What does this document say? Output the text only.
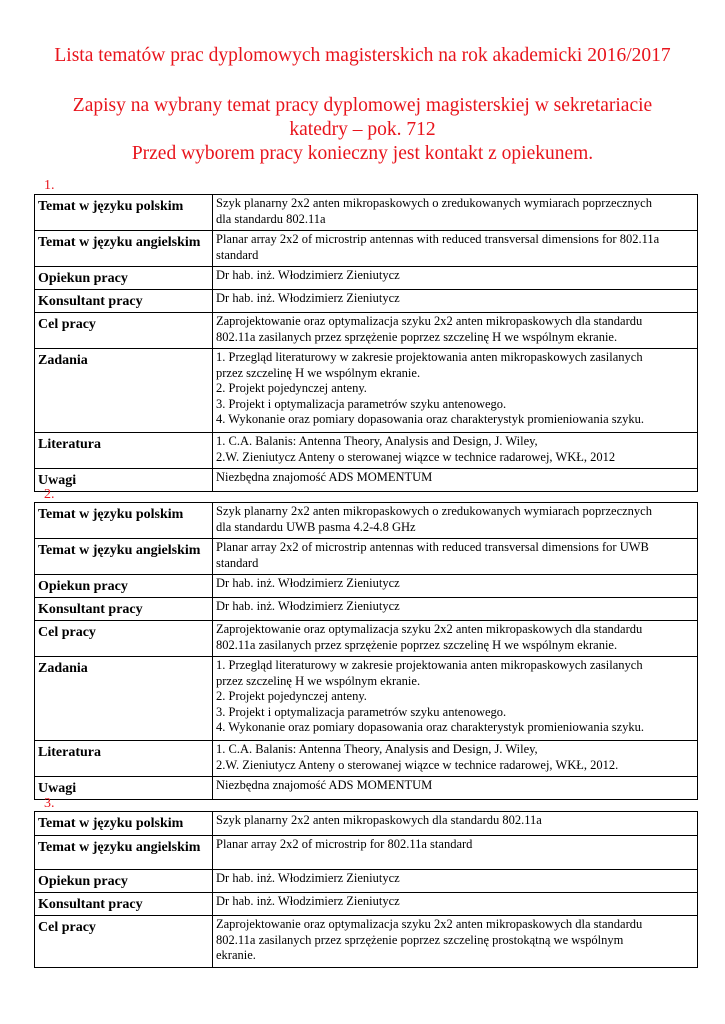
Lista tematów prac dyplomowych magisterskich na rok akademicki 2016/2017
Zapisy na wybrany temat pracy dyplomowej magisterskiej w sekretariacie
katedry – pok. 712
Przed wyborem pracy konieczny jest kontakt z opiekunem.
1.
Temat w języku polskim	Szyk planarny 2x2 anten mikropaskowych o zredukowanych wymiarach poprzecznych
dla standardu 802.11a

Temat w języku angielskim	Planar array 2x2 of microstrip antennas with reduced transversal dimensions for 802.11a
standard

Opiekun pracy	Dr hab. inż. Włodzimierz Zieniutycz
Konsultant pracy	Dr hab. inż. Włodzimierz Zieniutycz
Cel pracy	Zaprojektowanie oraz optymalizacja szyku 2x2 anten mikropaskowych dla standardu
802.11a zasilanych przez sprzężenie poprzez szczelinę H we wspólnym ekranie.

Zadania	1. Przegląd literaturowy w zakresie projektowania anten mikropaskowych zasilanych
przez szczelinę H we wspólnym ekranie.
2. Projekt pojedynczej anteny.
3. Projekt i optymalizacja parametrów szyku antenowego.
4. Wykonanie oraz pomiary dopasowania oraz charakterystyk promieniowania szyku.

Literatura	1. C.A. Balanis: Antenna Theory, Analysis and Design, J. Wiley,
2.W. Zieniutycz Anteny o sterowanej wiązce w technice radarowej, WKŁ, 2012

Uwagi	Niezbędna znajomość ADS MOMENTUM
2.
Temat w języku polskim	Szyk planarny 2x2 anten mikropaskowych o zredukowanych wymiarach poprzecznych
dla standardu UWB pasma 4.2-4.8 GHz

Temat w języku angielskim	Planar array 2x2 of microstrip antennas with reduced transversal dimensions for UWB
standard

Opiekun pracy	Dr hab. inż. Włodzimierz Zieniutycz
Konsultant pracy	Dr hab. inż. Włodzimierz Zieniutycz
Cel pracy	Zaprojektowanie oraz optymalizacja szyku 2x2 anten mikropaskowych dla standardu
802.11a zasilanych przez sprzężenie poprzez szczelinę H we wspólnym ekranie.

Zadania	1. Przegląd literaturowy w zakresie projektowania anten mikropaskowych zasilanych
przez szczelinę H we wspólnym ekranie.
2. Projekt pojedynczej anteny.
3. Projekt i optymalizacja parametrów szyku antenowego.
4. Wykonanie oraz pomiary dopasowania oraz charakterystyk promieniowania szyku.

Literatura	1. C.A. Balanis: Antenna Theory, Analysis and Design, J. Wiley,
2.W. Zieniutycz Anteny o sterowanej wiązce w technice radarowej, WKŁ, 2012.

Uwagi	Niezbędna znajomość ADS MOMENTUM
3.
Temat w języku polskim	Szyk planarny 2x2 anten mikropaskowych dla standardu 802.11a

Temat w języku angielskim	Planar array 2x2 of microstrip for 802.11a standard

Opiekun pracy	Dr hab. inż. Włodzimierz Zieniutycz
Konsultant pracy	Dr hab. inż. Włodzimierz Zieniutycz
Cel pracy	Zaprojektowanie oraz optymalizacja szyku 2x2 anten mikropaskowych dla standardu
802.11a zasilanych przez sprzężenie poprzez szczelinę prostokątną we wspólnym
ekranie.
